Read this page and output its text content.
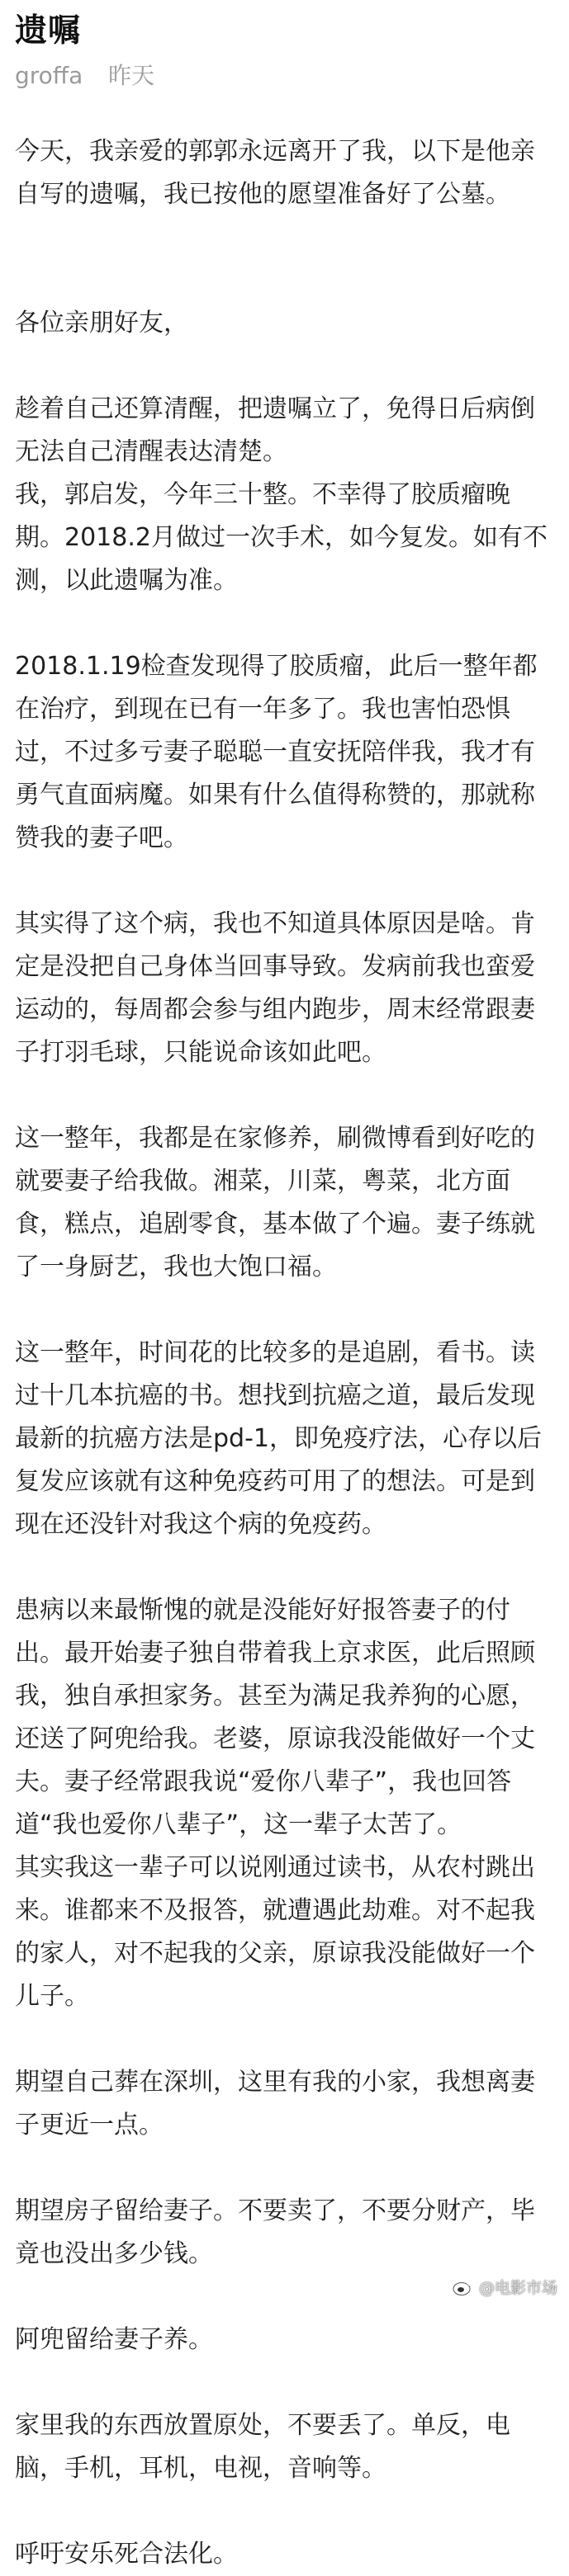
遗嘱
groffa 昨天
今天，我亲爱的郭郭永远离开了我，以下是他亲自写的遗嘱，我已按他的愿望准备好了公墓。

各位亲朋好友，

趁着自己还算清醒，把遗嘱立了，免得日后病倒无法自己清醒表达清楚。
我，郭启发，今年三十整。不幸得了胶质瘤晚期。2018.2月做过一次手术，如今复发。如有不测，以此遗嘱为准。

2018.1.19检查发现得了胶质瘤，此后一整年都在治疗，到现在已有一年多了。我也害怕恐惧过，不过多亏妻子聪聪一直安抚陪伴我，我才有勇气直面病魔。如果有什么值得称赞的，那就称赞我的妻子吧。

其实得了这个病，我也不知道具体原因是啥。肯定是没把自己身体当回事导致。发病前我也蛮爱运动的，每周都会参与组内跑步，周末经常跟妻子打羽毛球，只能说命该如此吧。

这一整年，我都是在家修养，刷微博看到好吃的就要妻子给我做。湘菜，川菜，粤菜，北方面食，糕点，追剧零食，基本做了个遍。妻子练就了一身厨艺，我也大饱口福。

这一整年，时间花的比较多的是追剧，看书。读过十几本抗癌的书。想找到抗癌之道，最后发现最新的抗癌方法是pd-1，即免疫疗法，心存以后复发应该就有这种免疫药可用了的想法。可是到现在还没针对我这个病的免疫药。

患病以来最惭愧的就是没能好好报答妻子的付出。最开始妻子独自带着我上京求医，此后照顾我，独自承担家务。甚至为满足我养狗的心愿，还送了阿兜给我。老婆，原谅我没能做好一个丈夫。妻子经常跟我说“爱你八辈子”，我也回答道“我也爱你八辈子”，这一辈子太苦了。
其实我这一辈子可以说刚通过读书，从农村跳出来。谁都来不及报答，就遭遇此劫难。对不起我的家人，对不起我的父亲，原谅我没能做好一个儿子。

期望自己葬在深圳，这里有我的小家，我想离妻子更近一点。

期望房子留给妻子。不要卖了，不要分财产，毕竟也没出多少钱。

阿兜留给妻子养。

家里我的东西放置原处，不要丢了。单反，电脑，手机，耳机，电视，音响等。

呼吁安乐死合法化。
@电影市场
